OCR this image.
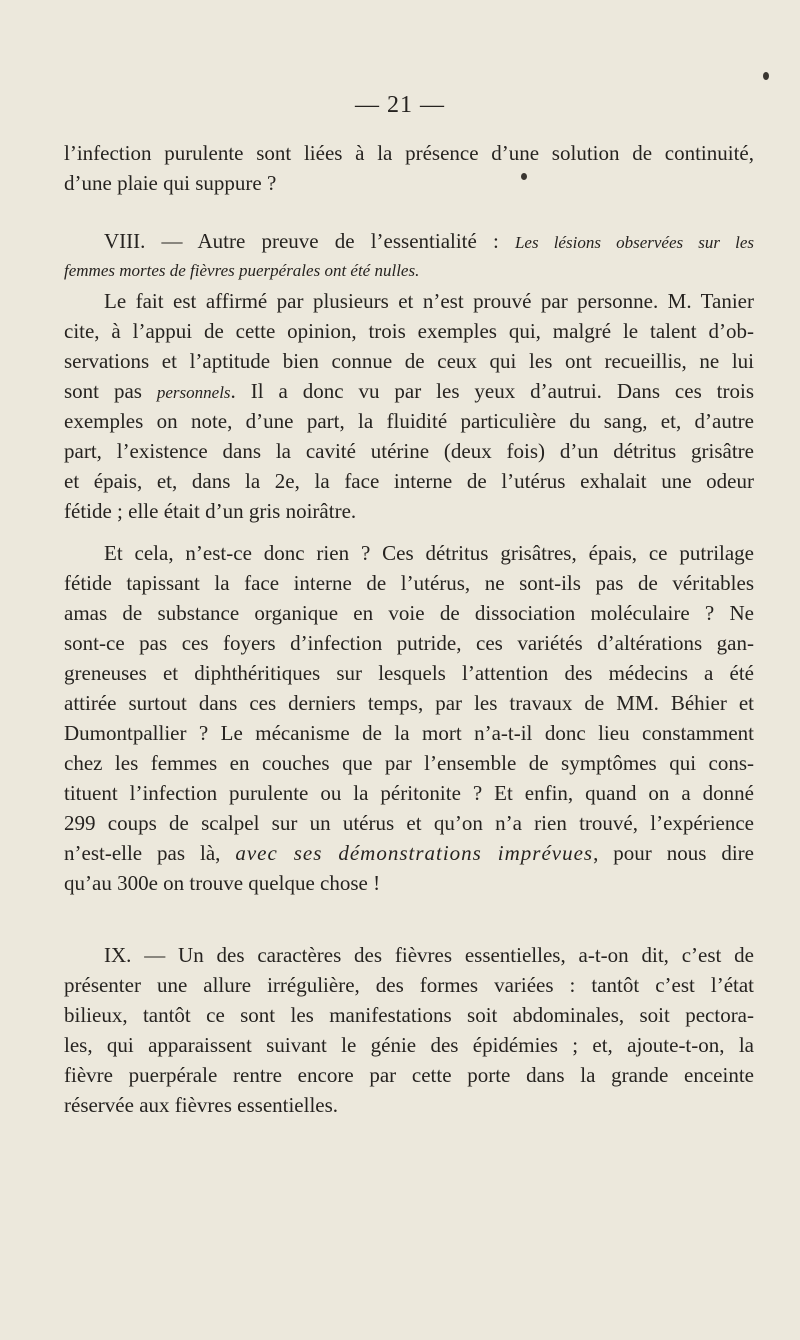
— 21 —
l’infection purulente sont liées à la présence d’une solution de continuité,
d’une plaie qui suppure ?
VIII. — Autre preuve de l’essentialité : Les lésions observées sur les
femmes mortes de fièvres puerpérales ont été nulles.
Le fait est affirmé par plusieurs et n’est prouvé par personne. M. Tanier
cite, à l’appui de cette opinion, trois exemples qui, malgré le talent d’ob-
servations et l’aptitude bien connue de ceux qui les ont recueillis, ne lui
sont pas personnels. Il a donc vu par les yeux d’autrui. Dans ces trois
exemples on note, d’une part, la fluidité particulière du sang, et, d’autre
part, l’existence dans la cavité utérine (deux fois) d’un détritus grisâtre
et épais, et, dans la 2e, la face interne de l’utérus exhalait une odeur
fétide ; elle était d’un gris noirâtre.
Et cela, n’est-ce donc rien ? Ces détritus grisâtres, épais, ce putrilage
fétide tapissant la face interne de l’utérus, ne sont-ils pas de véritables
amas de substance organique en voie de dissociation moléculaire ? Ne
sont-ce pas ces foyers d’infection putride, ces variétés d’altérations gan-
greneuses et diphthéritiques sur lesquels l’attention des médecins a été
attirée surtout dans ces derniers temps, par les travaux de MM. Béhier et
Dumontpallier ? Le mécanisme de la mort n’a-t-il donc lieu constamment
chez les femmes en couches que par l’ensemble de symptômes qui cons-
tituent l’infection purulente ou la péritonite ? Et enfin, quand on a donné
299 coups de scalpel sur un utérus et qu’on n’a rien trouvé, l’expérience
n’est-elle pas là, avec ses démonstrations imprévues, pour nous dire
qu’au 300e on trouve quelque chose !
IX. — Un des caractères des fièvres essentielles, a-t-on dit, c’est de
présenter une allure irrégulière, des formes variées : tantôt c’est l’état
bilieux, tantôt ce sont les manifestations soit abdominales, soit pectora-
les, qui apparaissent suivant le génie des épidémies ; et, ajoute-t-on, la
fièvre puerpérale rentre encore par cette porte dans la grande enceinte
réservée aux fièvres essentielles.
